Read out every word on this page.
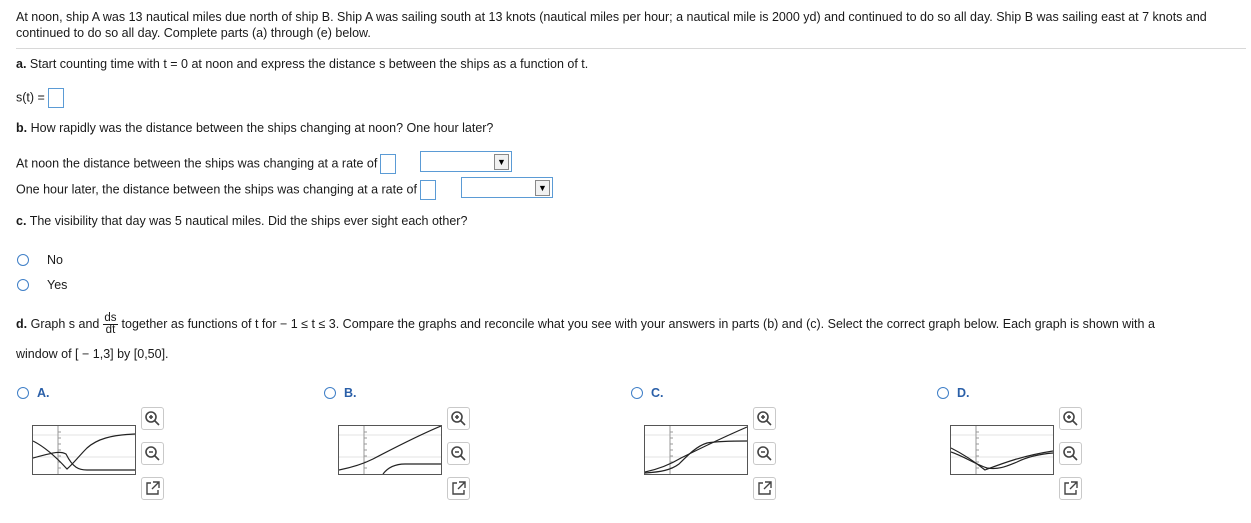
At noon, ship A was 13 nautical miles due north of ship B. Ship A was sailing south at 13 knots (nautical miles per hour; a nautical mile is 2000 yd) and continued to do so all day. Ship B was sailing east at 7 knots and continued to do so all day. Complete parts (a) through (e) below.
a. Start counting time with t = 0 at noon and express the distance s between the ships as a function of t.
s(t) =
b. How rapidly was the distance between the ships changing at noon? One hour later?
At noon the distance between the ships was changing at a rate of	▼
One hour later, the distance between the ships was changing at a rate of	▼
c. The visibility that day was 5 nautical miles. Did the ships ever sight each other?
No
Yes
d. Graph s and $\frac{ds}{dt}$ together as functions of t for − 1 ≤ t ≤ 3. Compare the graphs and reconcile what you see with your answers in parts (b) and (c). Select the correct graph below. Each graph is shown with a
window of [ − 1,3] by [0,50].
A.	B.	C.	D.
